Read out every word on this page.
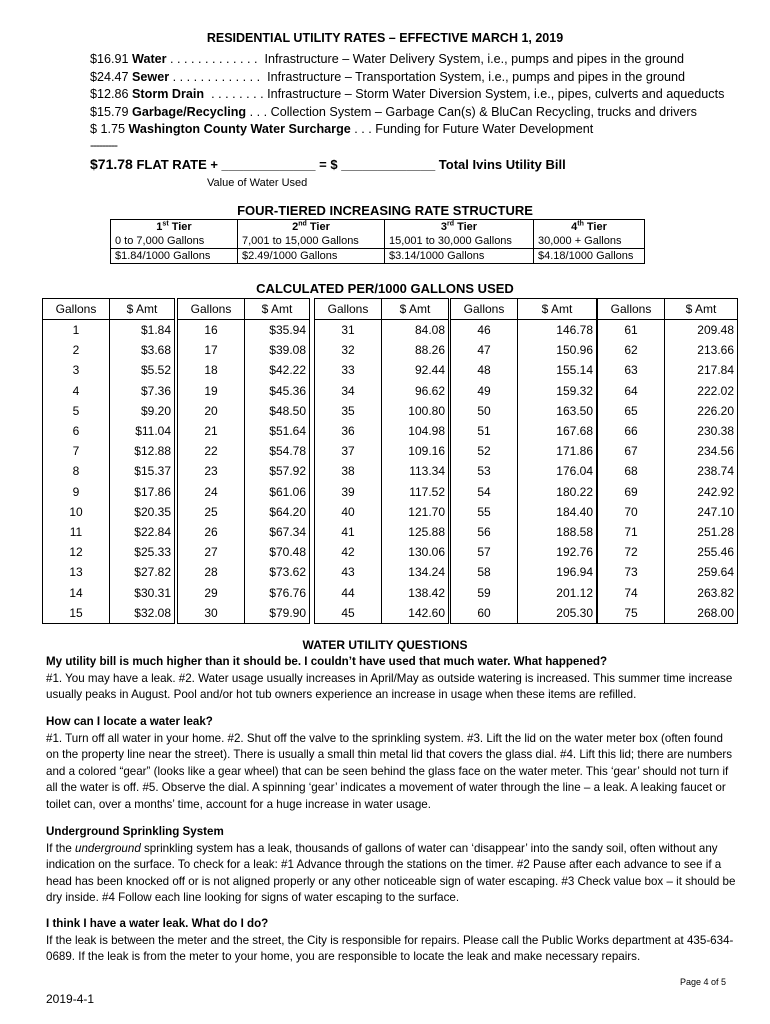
RESIDENTIAL UTILITY RATES – EFFECTIVE MARCH 1, 2019
$16.91 Water . . . . . . . . . . . . .  Infrastructure – Water Delivery System, i.e., pumps and pipes in the ground
$24.47 Sewer . . . . . . . . . . . . .  Infrastructure – Transportation System, i.e., pumps and pipes in the ground
$12.86 Storm Drain  . . . . . . . . Infrastructure – Storm Water Diversion System, i.e., pipes, culverts and aqueducts
$15.79 Garbage/Recycling . . . Collection System – Garbage Can(s) & BluCan Recycling, trucks and drivers
$ 1.75 Washington County Water Surcharge . . . Funding for Future Water Development
---------
$71.78 FLAT RATE + _____________ = $ _____________ Total Ivins Utility Bill
Value of Water Used
FOUR-TIERED INCREASING RATE STRUCTURE
1st Tier	2nd Tier	3rd Tier	4th Tier
0 to 7,000 Gallons	7,001 to 15,000 Gallons	15,001 to 30,000 Gallons	30,000 + Gallons
$1.84/1000 Gallons	$2.49/1000 Gallons	$3.14/1000 Gallons	$4.18/1000 Gallons
CALCULATED PER/1000 GALLONS USED
Gallons	$ Amt
1	$1.84
2	$3.68
3	$5.52
4	$7.36
5	$9.20
6	$11.04
7	$12.88
8	$15.37
9	$17.86
10	$20.35
11	$22.84
12	$25.33
13	$27.82
14	$30.31
15	$32.08
Gallons	$ Amt
16	$35.94
17	$39.08
18	$42.22
19	$45.36
20	$48.50
21	$51.64
22	$54.78
23	$57.92
24	$61.06
25	$64.20
26	$67.34
27	$70.48
28	$73.62
29	$76.76
30	$79.90
Gallons	$ Amt
31	84.08
32	88.26
33	92.44
34	96.62
35	100.80
36	104.98
37	109.16
38	113.34
39	117.52
40	121.70
41	125.88
42	130.06
43	134.24
44	138.42
45	142.60
Gallons	$ Amt
46	146.78
47	150.96
48	155.14
49	159.32
50	163.50
51	167.68
52	171.86
53	176.04
54	180.22
55	184.40
56	188.58
57	192.76
58	196.94
59	201.12
60	205.30
Gallons	$ Amt
61	209.48
62	213.66
63	217.84
64	222.02
65	226.20
66	230.38
67	234.56
68	238.74
69	242.92
70	247.10
71	251.28
72	255.46
73	259.64
74	263.82
75	268.00
WATER UTILITY QUESTIONS

My utility bill is much higher than it should be. I couldn’t have used that much water. What happened?

#1. You may have a leak. #2. Water usage usually increases in April/May as outside watering is increased. This summer time increase usually peaks in August. Pool and/or hot tub owners experience an increase in usage when these items are refilled.

How can I locate a water leak?

#1. Turn off all water in your home. #2. Shut off the valve to the sprinkling system. #3. Lift the lid on the water meter box (often found on the property line near the street). There is usually a small thin metal lid that covers the glass dial. #4. Lift this lid; there are numbers and a colored “gear” (looks like a gear wheel) that can be seen behind the glass face on the water meter. This ‘gear’ should not turn if all the water is off. #5. Observe the dial. A spinning ‘gear’ indicates a movement of water through the line – a leak. A leaking faucet or toilet can, over a months’ time, account for a huge increase in water usage.

Underground Sprinkling System

If the underground sprinkling system has a leak, thousands of gallons of water can ‘disappear’ into the sandy soil, often without any indication on the surface. To check for a leak: #1 Advance through the stations on the timer. #2 Pause after each advance to see if a head has been knocked off or is not aligned properly or any other noticeable sign of water escaping. #3 Check value box – it should be dry inside. #4 Follow each line looking for signs of water escaping to the surface.

I think I have a water leak. What do I do?

If the leak is between the meter and the street, the City is responsible for repairs. Please call the Public Works department at 435-634-0689. If the leak is from the meter to your home, you are responsible to locate the leak and make necessary repairs.

Page 4 of 5
2019-4-1
